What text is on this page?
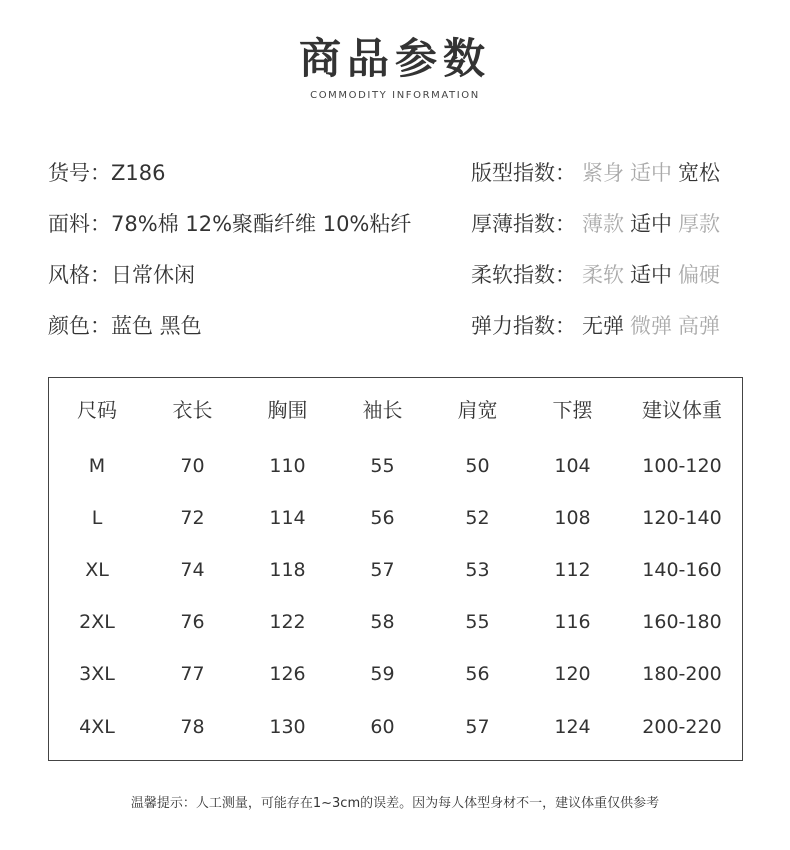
商品参数
COMMODITY INFORMATION
货号：Z186
面料：78%棉 12%聚酯纤维 10%粘纤
风格：日常休闲
颜色：蓝色 黑色
版型指数： 紧身 适中 宽松
厚薄指数： 薄款 适中 厚款
柔软指数： 柔软 适中 偏硬
弹力指数： 无弹 微弹 高弹
尺码	衣长	胸围	袖长	肩宽	下摆	建议体重
M	70	110	55	50	104	100-120
L	72	114	56	52	108	120-140
XL	74	118	57	53	112	140-160
2XL	76	122	58	55	116	160-180
3XL	77	126	59	56	120	180-200
4XL	78	130	60	57	124	200-220
温馨提示：人工测量，可能存在1~3cm的误差。因为每人体型身材不一，建议体重仅供参考
